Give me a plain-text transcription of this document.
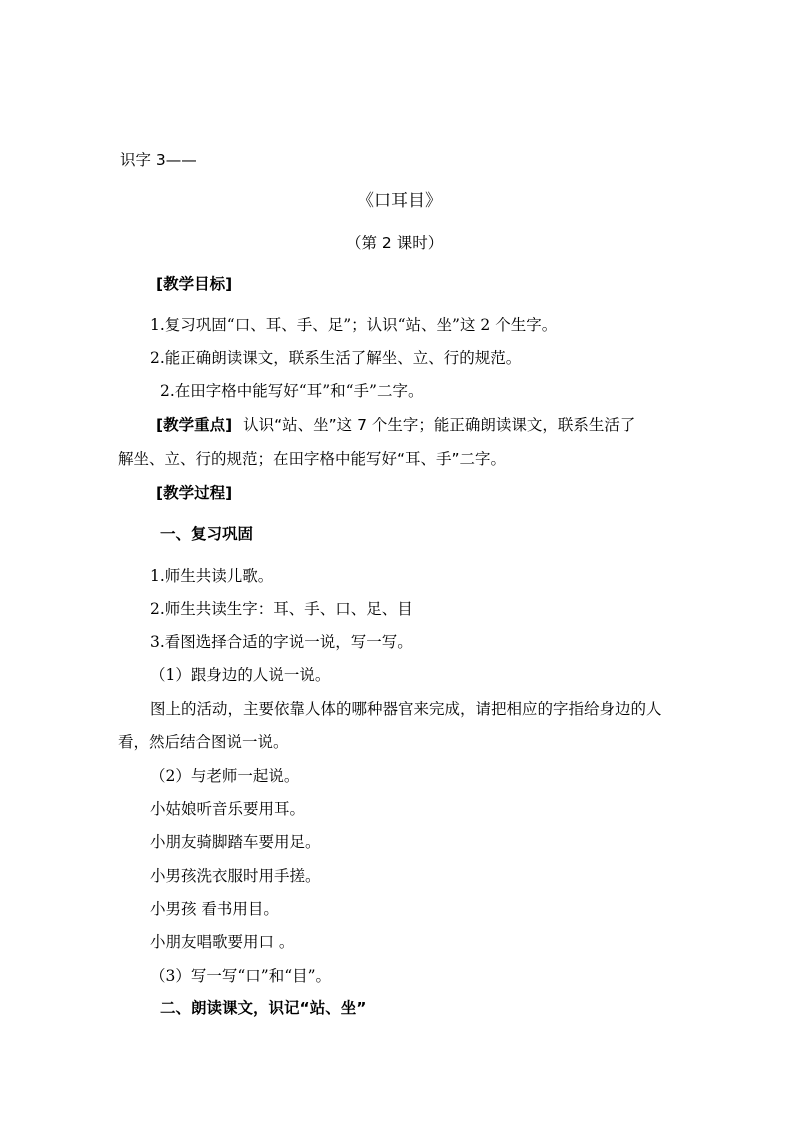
识字 3——
《口耳目》
（第 2 课时）
[教学目标]
1.复习巩固“口、耳、手、足”；认识“站、坐”这 2 个生字。
2.能正确朗读课文，联系生活了解坐、立、行的规范。
2.在田字格中能写好“耳”和“手”二字。
[教学重点] 认识“站、坐”这 7 个生字；能正确朗读课文，联系生活了
解坐、立、行的规范；在田字格中能写好“耳、手”二字。
[教学过程]
一、复习巩固
1.师生共读儿歌。
2.师生共读生字：耳、手、口、足、目
3.看图选择合适的字说一说，写一写。
（1）跟身边的人说一说。
图上的活动，主要依靠人体的哪种器官来完成，请把相应的字指给身边的人
看，然后结合图说一说。
（2）与老师一起说。
小姑娘听音乐要用耳。
小朋友骑脚踏车要用足。
小男孩洗衣服时用手搓。
小男孩 看书用目。
小朋友唱歌要用口 。
（3）写一写“口”和“目”。
二、朗读课文，识记“站、坐”
